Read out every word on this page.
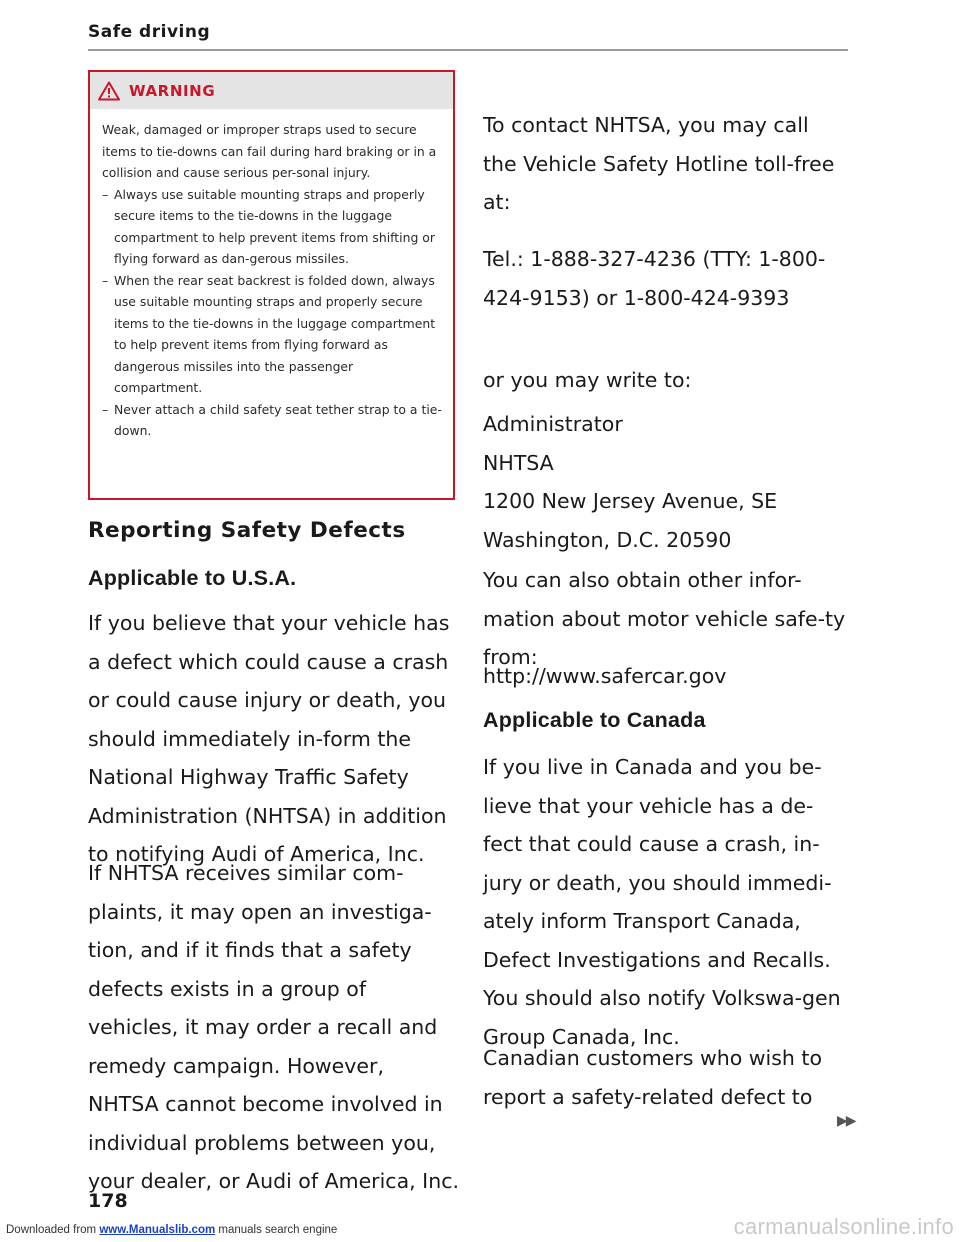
Safe driving
WARNING

Weak, damaged or improper straps used to secure items to tie-downs can fail during hard braking or in a collision and cause serious per-sonal injury.

– Always use suitable mounting straps and properly secure items to the tie-downs in the luggage compartment to help prevent items from shifting or flying forward as dan-gerous missiles.
– When the rear seat backrest is folded down, always use suitable mounting straps and properly secure items to the tie-downs in the luggage compartment to help prevent items from flying forward as dangerous missiles into the passenger compartment.
– Never attach a child safety seat tether strap to a tie-down.
Reporting Safety Defects
Applicable to U.S.A.

If you believe that your vehicle has a defect which could cause a crash or could cause injury or death, you should immediately in-form the National Highway Traffic Safety Administration (NHTSA) in addition to notifying Audi of America, Inc.

If NHTSA receives similar com-plaints, it may open an investiga-tion, and if it finds that a safety defects exists in a group of vehicles, it may order a recall and remedy campaign. However, NHTSA cannot become involved in individual problems between you, your dealer, or Audi of America, Inc.

To contact NHTSA, you may call the Vehicle Safety Hotline toll-free at:

Tel.: 1-888-327-4236 (TTY: 1-800-424-9153) or 1-800-424-9393

or you may write to:

Administrator
NHTSA
1200 New Jersey Avenue, SE
Washington, D.C. 20590

You can also obtain other infor-mation about motor vehicle safe-ty from:

http://www.safercar.gov

Applicable to Canada

If you live in Canada and you be-lieve that your vehicle has a de-fect that could cause a crash, in-jury or death, you should immedi-ately inform Transport Canada, Defect Investigations and Recalls. You should also notify Volkswa-gen Group Canada, Inc.

Canadian customers who wish to report a safety-related defect to

▶▶
178
Downloaded from www.Manualslib.com manuals search engine	carmanualsonline.info
